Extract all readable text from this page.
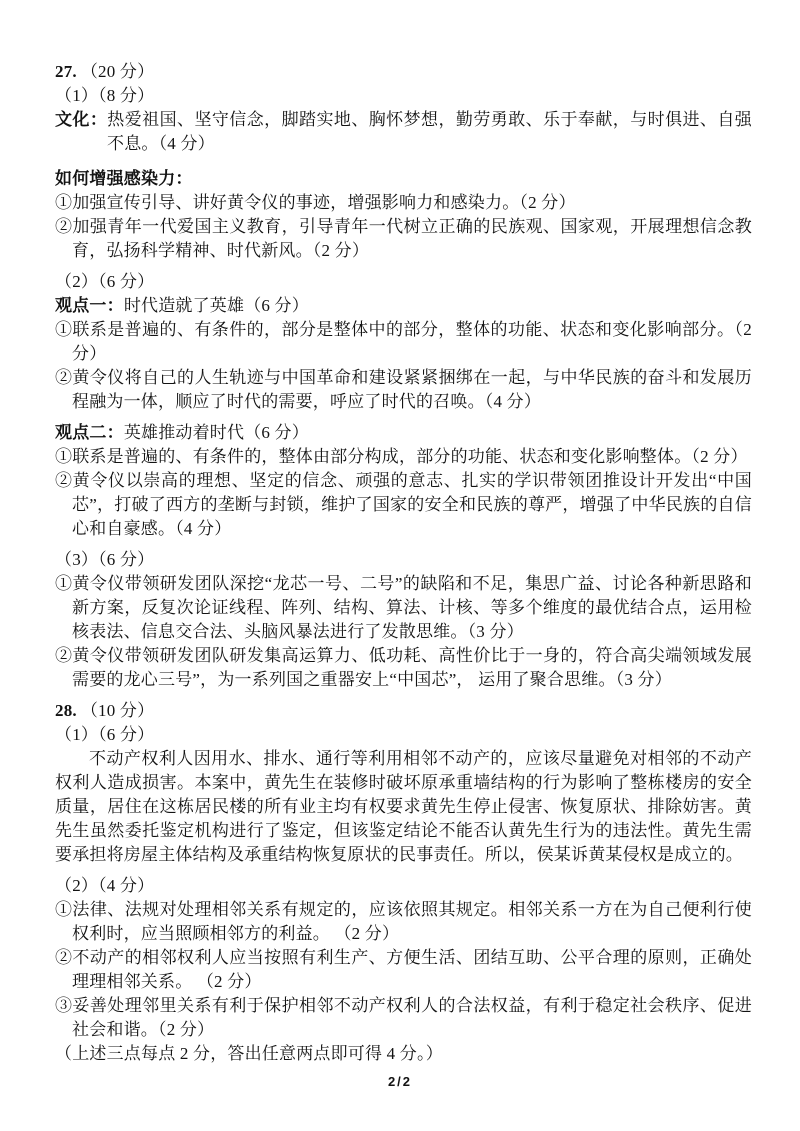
27. （20 分）

（1）（8 分）

文化：热爱祖国、坚守信念，脚踏实地、胸怀梦想，勤劳勇敢、乐于奉献，与时俱进、自强不息。（4 分）

如何增强感染力：

①加强宣传引导、讲好黄令仪的事迹，增强影响力和感染力。（2 分）

②加强青年一代爱国主义教育，引导青年一代树立正确的民族观、国家观，开展理想信念教育，弘扬科学精神、时代新风。（2 分）

（2）（6 分）

观点一：时代造就了英雄（6 分）

①联系是普遍的、有条件的，部分是整体中的部分，整体的功能、状态和变化影响部分。（2 分）

②黄令仪将自己的人生轨迹与中国革命和建设紧紧捆绑在一起，与中华民族的奋斗和发展历程融为一体，顺应了时代的需要，呼应了时代的召唤。（4 分）

观点二：英雄推动着时代（6 分）

①联系是普遍的、有条件的，整体由部分构成，部分的功能、状态和变化影响整体。（2 分）

②黄令仪以崇高的理想、坚定的信念、顽强的意志、扎实的学识带领团推设计开发出“中国芯”，打破了西方的垄断与封锁，维护了国家的安全和民族的尊严，增强了中华民族的自信心和自豪感。（4 分）

（3）（6 分）

①黄令仪带领研发团队深挖“龙芯一号、二号”的缺陷和不足，集思广益、讨论各种新思路和新方案，反复次论证线程、阵列、结构、算法、计核、等多个维度的最优结合点，运用检核表法、信息交合法、头脑风暴法进行了发散思维。（3 分）

②黄令仪带领研发团队研发集高运算力、低功耗、高性价比于一身的，符合高尖端领域发展需要的龙心三号”，为一系列国之重器安上“中国芯”， 运用了聚合思维。（3 分）

28. （10 分）

（1）（6 分）

不动产权利人因用水、排水、通行等利用相邻不动产的，应该尽量避免对相邻的不动产权利人造成损害。本案中，黄先生在装修时破坏原承重墙结构的行为影响了整栋楼房的安全质量，居住在这栋居民楼的所有业主均有权要求黄先生停止侵害、恢复原状、排除妨害。黄先生虽然委托鉴定机构进行了鉴定，但该鉴定结论不能否认黄先生行为的违法性。黄先生需要承担将房屋主体结构及承重结构恢复原状的民事责任。所以，侯某诉黄某侵权是成立的。

（2）（4 分）

①法律、法规对处理相邻关系有规定的，应该依照其规定。相邻关系一方在为自己便利行使权利时，应当照顾相邻方的利益。 （2 分）

②不动产的相邻权利人应当按照有利生产、方便生活、团结互助、公平合理的原则，正确处理理相邻关系。 （2 分）

③妥善处理邻里关系有利于保护相邻不动产权利人的合法权益，有利于稳定社会秩序、促进社会和谐。（2 分）

（上述三点每点 2 分，答出任意两点即可得 4 分。）

2/2
